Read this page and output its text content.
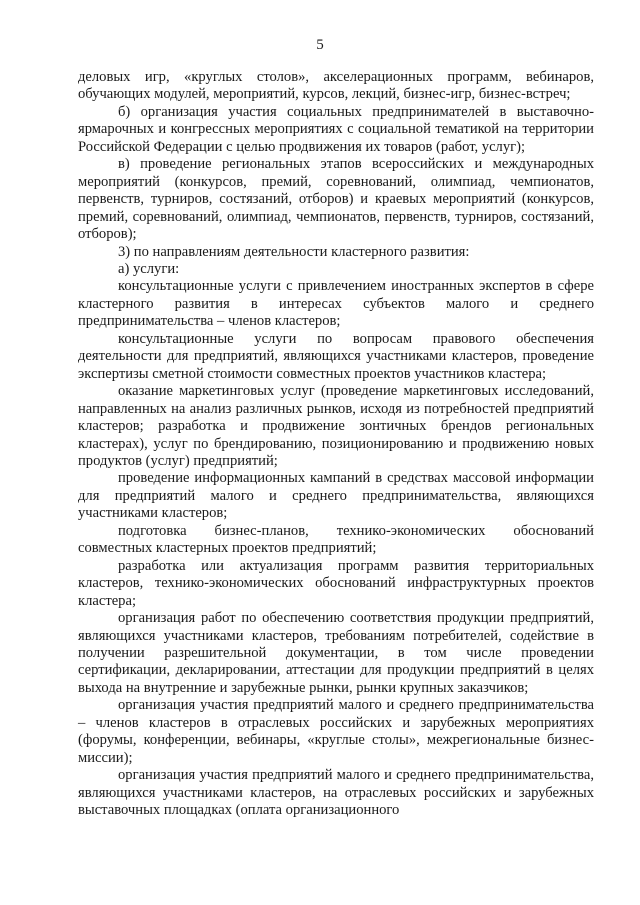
5

деловых игр, «круглых столов», акселерационных программ, вебинаров, обучающих модулей, мероприятий, курсов, лекций, бизнес-игр, бизнес-встреч;

б) организация участия социальных предпринимателей в выставочно-ярмарочных и конгрессных мероприятиях с социальной тематикой на территории Российской Федерации с целью продвижения их товаров (работ, услуг);

в) проведение региональных этапов всероссийских и международных мероприятий (конкурсов, премий, соревнований, олимпиад, чемпионатов, первенств, турниров, состязаний, отборов) и краевых мероприятий (конкурсов, премий, соревнований, олимпиад, чемпионатов, первенств, турниров, состязаний, отборов);

3) по направлениям деятельности кластерного развития:

а) услуги:

консультационные услуги с привлечением иностранных экспертов в сфере кластерного развития в интересах субъектов малого и среднего предпринимательства – членов кластеров;

консультационные услуги по вопросам правового обеспечения деятельности для предприятий, являющихся участниками кластеров, проведение экспертизы сметной стоимости совместных проектов участников кластера;

оказание маркетинговых услуг (проведение маркетинговых исследований, направленных на анализ различных рынков, исходя из потребностей предприятий кластеров; разработка и продвижение зонтичных брендов региональных кластерах), услуг по брендированию, позиционированию и продвижению новых продуктов (услуг) предприятий;

проведение информационных кампаний в средствах массовой информации для предприятий малого и среднего предпринимательства, являющихся участниками кластеров;

подготовка бизнес-планов, технико-экономических обоснований совместных кластерных проектов предприятий;

разработка или актуализация программ развития территориальных кластеров, технико-экономических обоснований инфраструктурных проектов кластера;

организация работ по обеспечению соответствия продукции предприятий, являющихся участниками кластеров, требованиям потребителей, содействие в получении разрешительной документации, в том числе проведении сертификации, декларировании, аттестации для продукции предприятий в целях выхода на внутренние и зарубежные рынки, рынки крупных заказчиков;

организация участия предприятий малого и среднего предпринимательства – членов кластеров в отраслевых российских и зарубежных мероприятиях (форумы, конференции, вебинары, «круглые столы», межрегиональные бизнес-миссии);

организация участия предприятий малого и среднего предпринимательства, являющихся участниками кластеров, на отраслевых российских и зарубежных выставочных площадках (оплата организационного
